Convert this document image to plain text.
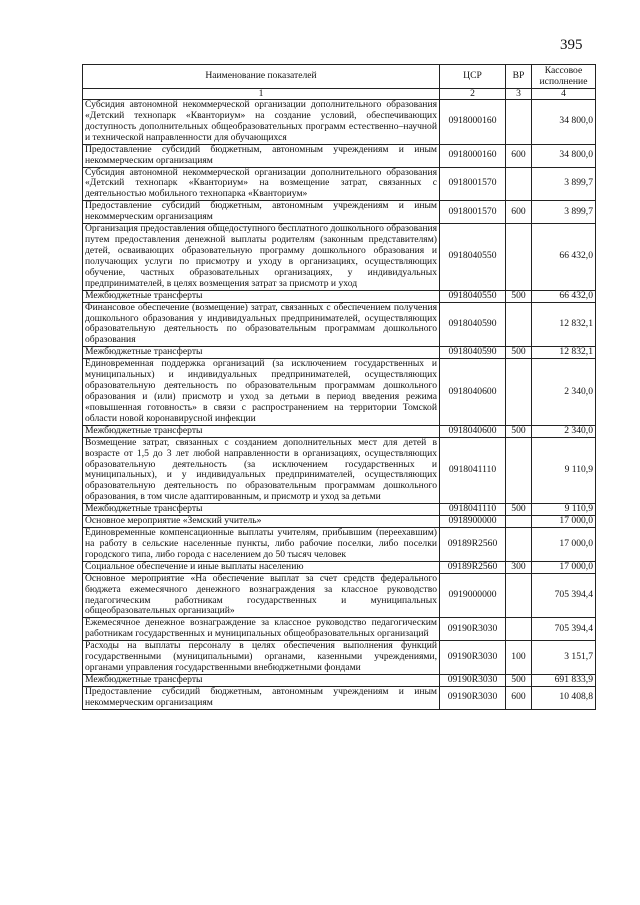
395
Наименование показателей	ЦСР	ВР	Кассовое исполнение
1	2	3	4
Субсидия автономной некоммерческой организации дополнительного образования «Детский технопарк «Кванториум» на создание условий, обеспечивающих доступность дополнительных общеобразовательных программ естественно–научной и технической направленности для обучающихся	0918000160		34 800,0
Предоставление субсидий бюджетным, автономным учреждениям и иным некоммерческим организациям	0918000160	600	34 800,0
Субсидия автономной некоммерческой организации дополнительного образования «Детский технопарк «Кванториум» на возмещение затрат, связанных с деятельностью мобильного технопарка «Кванториум»	0918001570		3 899,7
Предоставление субсидий бюджетным, автономным учреждениям и иным некоммерческим организациям	0918001570	600	3 899,7
Организация предоставления общедоступного бесплатного дошкольного образования путем предоставления денежной выплаты родителям (законным представителям) детей, осваивающих образовательную программу дошкольного образования и получающих услуги по присмотру и уходу в организациях, осуществляющих обучение, частных образовательных организациях, у индивидуальных предпринимателей, в целях возмещения затрат за присмотр и уход	0918040550		66 432,0
Межбюджетные трансферты	0918040550	500	66 432,0
Финансовое обеспечение (возмещение) затрат, связанных с обеспечением получения дошкольного образования у индивидуальных предпринимателей, осуществляющих образовательную деятельность по образовательным программам дошкольного образования	0918040590		12 832,1
Межбюджетные трансферты	0918040590	500	12 832,1
Единовременная поддержка организаций (за исключением государственных и муниципальных) и индивидуальных предпринимателей, осуществляющих образовательную деятельность по образовательным программам дошкольного образования и (или) присмотр и уход за детьми в период введения режима «повышенная готовность» в связи с распространением на территории Томской области новой коронавирусной инфекции	0918040600		2 340,0
Межбюджетные трансферты	0918040600	500	2 340,0
Возмещение затрат, связанных с созданием дополнительных мест для детей в возрасте от 1,5 до 3 лет любой направленности в организациях, осуществляющих образовательную деятельность (за исключением государственных и муниципальных), и у индивидуальных предпринимателей, осуществляющих образовательную деятельность по образовательным программам дошкольного образования, в том числе адаптированным, и присмотр и уход за детьми	0918041110		9 110,9
Межбюджетные трансферты	0918041110	500	9 110,9
Основное мероприятие «Земский учитель»	0918900000		17 000,0
Единовременные компенсационные выплаты учителям, прибывшим (переехавшим) на работу в сельские населенные пункты, либо рабочие поселки, либо поселки городского типа, либо города с населением до 50 тысяч человек	09189R2560		17 000,0
Социальное обеспечение и иные выплаты населению	09189R2560	300	17 000,0
Основное мероприятие «На обеспечение выплат за счет средств федерального бюджета ежемесячного денежного вознаграждения за классное руководство педагогическим работникам государственных и муниципальных общеобразовательных организаций»	0919000000		705 394,4
Ежемесячное денежное вознаграждение за классное руководство педагогическим работникам государственных и муниципальных общеобразовательных организаций	09190R3030		705 394,4
Расходы на выплаты персоналу в целях обеспечения выполнения функций государственными (муниципальными) органами, казенными учреждениями, органами управления государственными внебюджетными фондами	09190R3030	100	3 151,7
Межбюджетные трансферты	09190R3030	500	691 833,9
Предоставление субсидий бюджетным, автономным учреждениям и иным некоммерческим организациям	09190R3030	600	10 408,8
